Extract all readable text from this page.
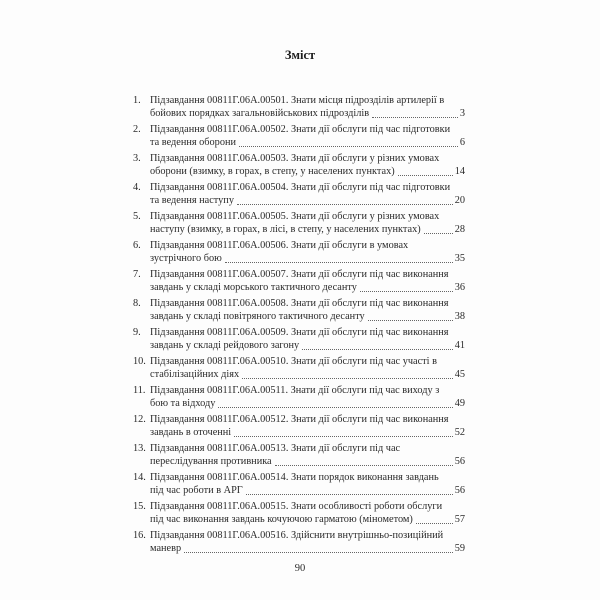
Зміст
1. Підзавдання 00811Г.06А.00501. Знати місця підрозділів артилерії в
бойових порядках загальновійськових підрозділів	3
2. Підзавдання 00811Г.06А.00502. Знати дії обслуги під час підготовки
та ведення оборони	6
3. Підзавдання 00811Г.06А.00503. Знати дії обслуги у різних умовах
оборони (взимку, в горах, в степу, у населених пунктах)	14
4. Підзавдання 00811Г.06А.00504. Знати дії обслуги під час підготовки
та ведення наступу	20
5. Підзавдання 00811Г.06А.00505. Знати дії обслуги у різних умовах
наступу (взимку, в горах, в лісі, в степу, у населених пунктах)	28
6. Підзавдання 00811Г.06А.00506. Знати дії обслуги в умовах
зустрічного бою	35
7. Підзавдання 00811Г.06А.00507. Знати дії обслуги під час виконання
завдань у складі морського тактичного десанту	36
8. Підзавдання 00811Г.06А.00508. Знати дії обслуги під час виконання
завдань у складі повітряного тактичного десанту	38
9. Підзавдання 00811Г.06А.00509. Знати дії обслуги під час виконання
завдань у складі рейдового загону	41
10. Підзавдання 00811Г.06А.00510. Знати дії обслуги під час участі в
стабілізаційних діях	45
11. Підзавдання 00811Г.06А.00511. Знати дії обслуги під час виходу з
бою та відходу	49
12. Підзавдання 00811Г.06А.00512. Знати дії обслуги під час виконання
завдань в оточенні	52
13. Підзавдання 00811Г.06А.00513. Знати дії обслуги під час
переслідування противника	56
14. Підзавдання 00811Г.06А.00514. Знати порядок виконання завдань
під час роботи в АРГ	56
15. Підзавдання 00811Г.06А.00515. Знати особливості роботи обслуги
під час виконання завдань кочуючою гарматою (мінометом)	57
16. Підзавдання 00811Г.06А.00516. Здійснити внутрішньо-позиційний
маневр	59
90
